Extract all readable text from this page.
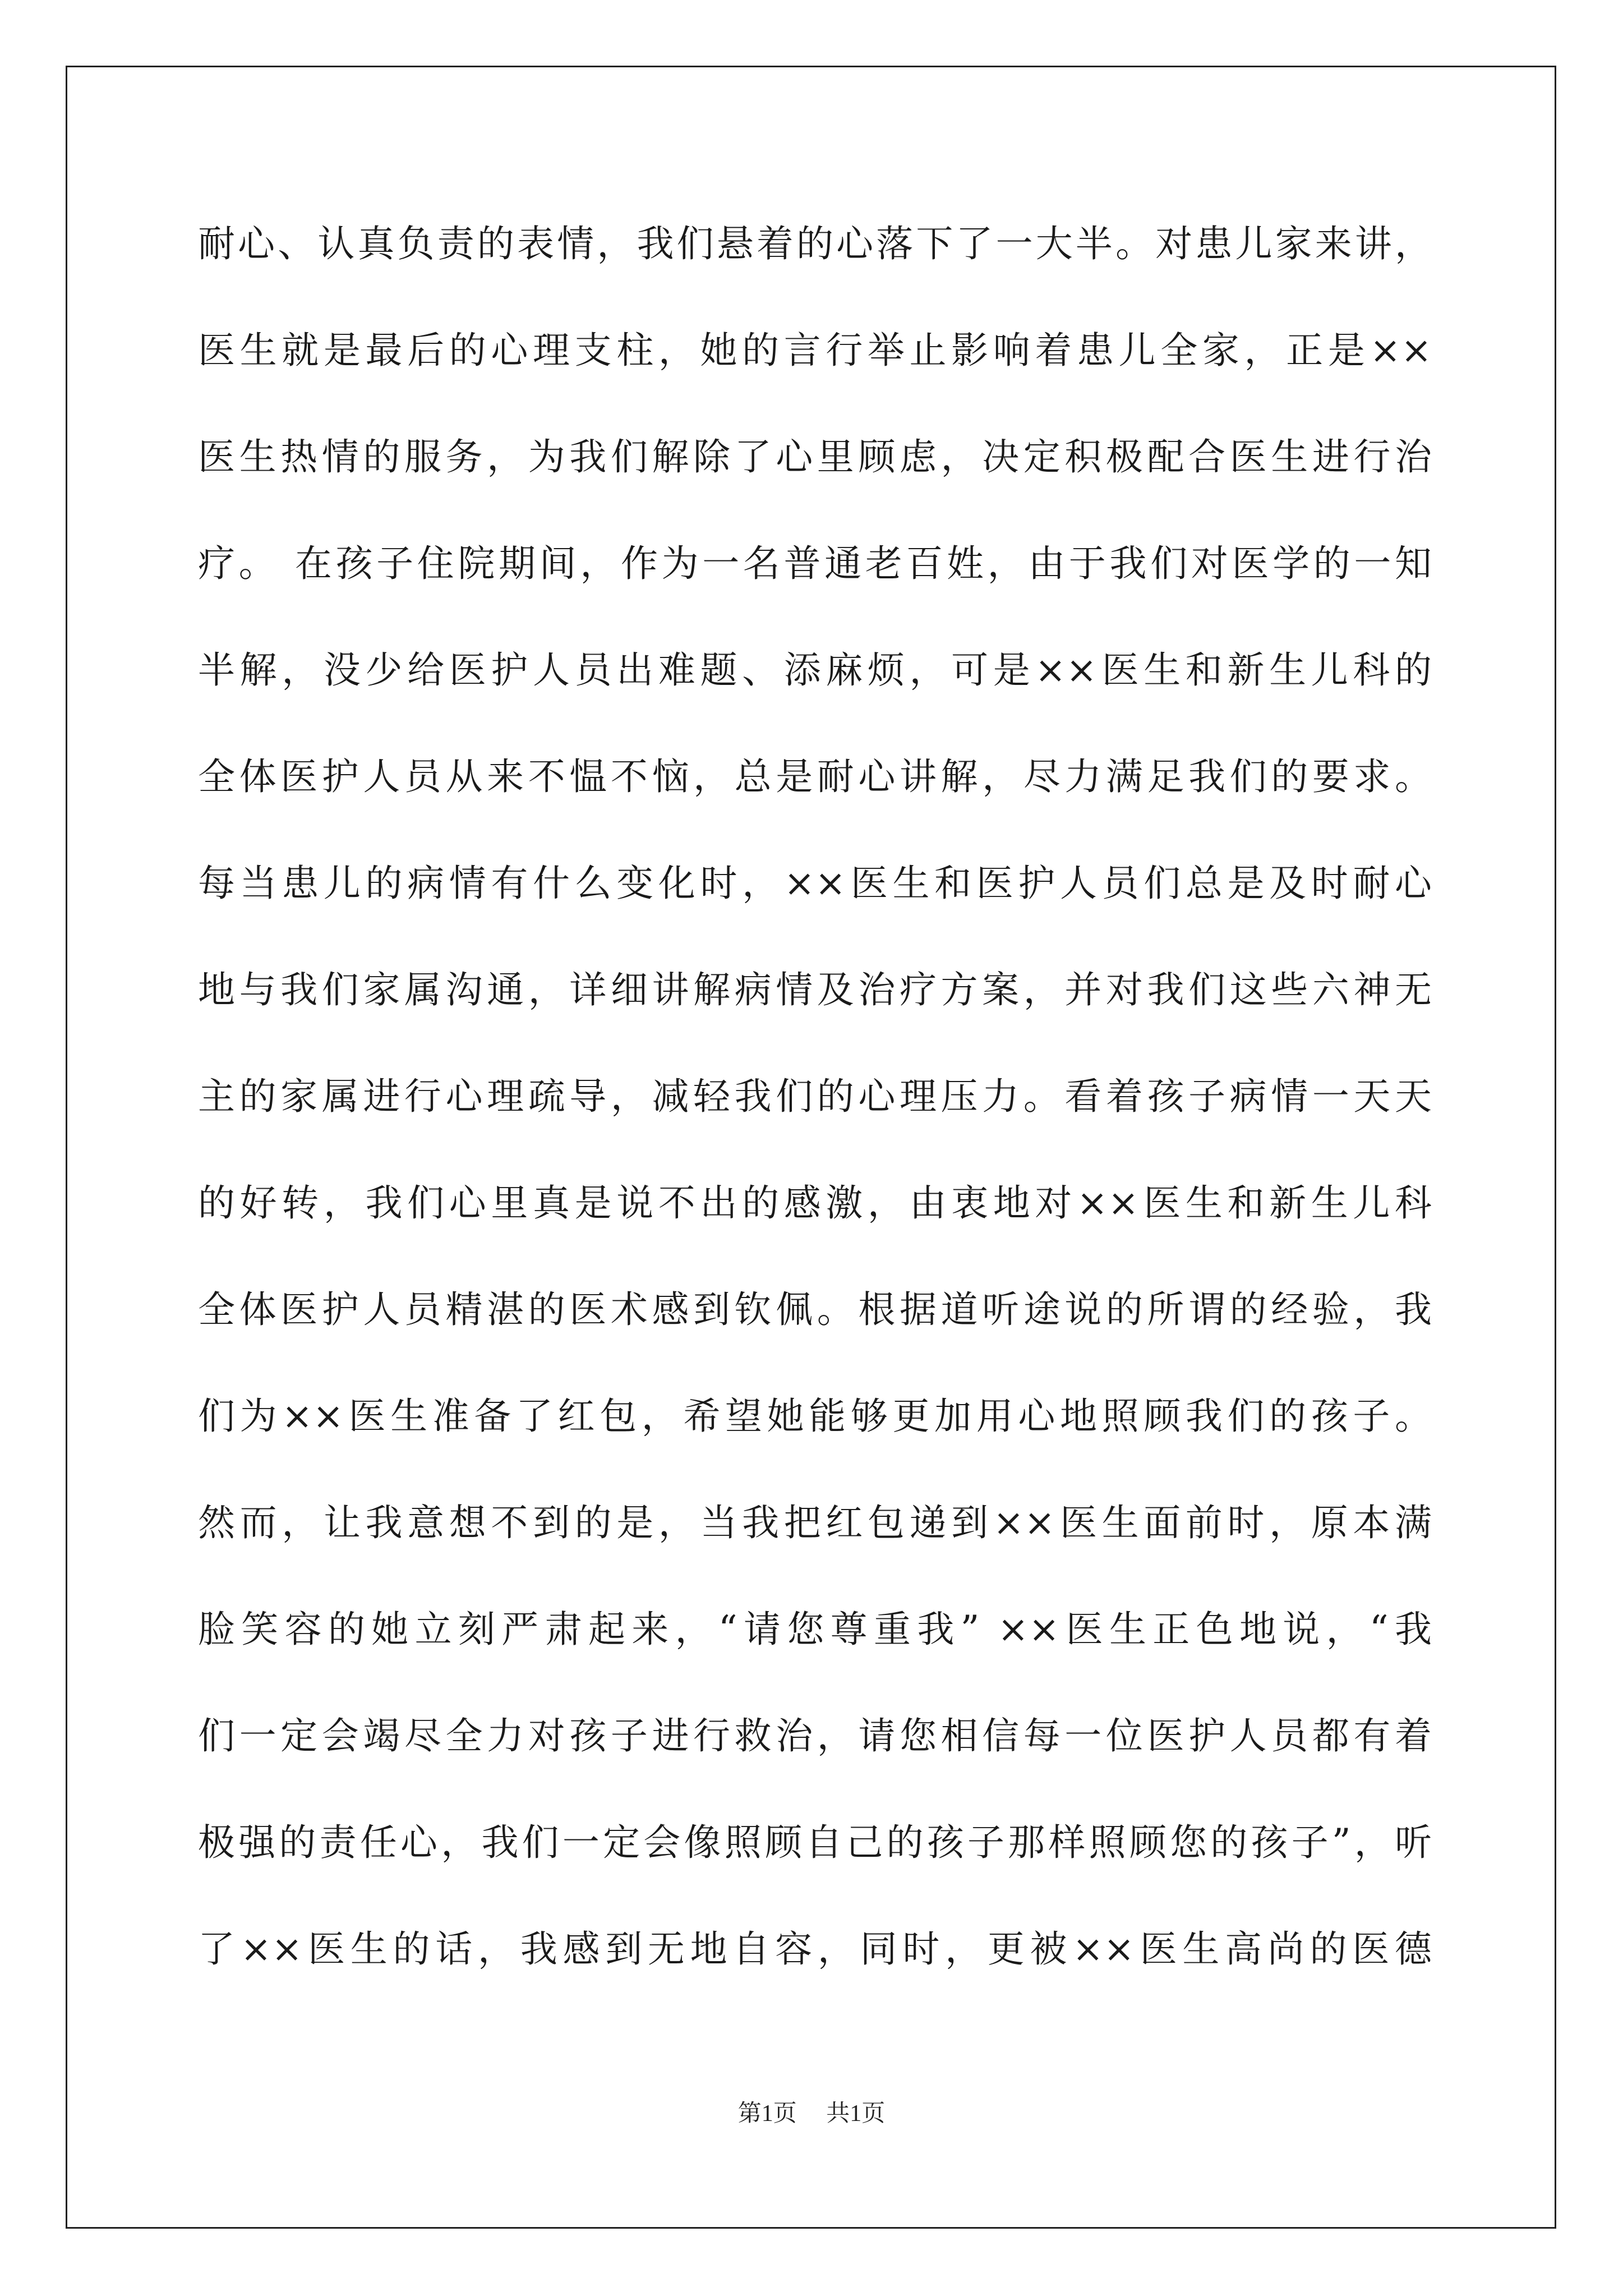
耐心、认真负责的表情，我们悬着的心落下了一大半。对患儿家来讲，
医生就是最后的心理支柱，她的言行举止影响着患儿全家，正是××
医生热情的服务，为我们解除了心里顾虑，决定积极配合医生进行治
疗。 在孩子住院期间，作为一名普通老百姓，由于我们对医学的一知
半解，没少给医护人员出难题、添麻烦，可是××医生和新生儿科的
全体医护人员从来不愠不恼，总是耐心讲解，尽力满足我们的要求。
每当患儿的病情有什么变化时，××医生和医护人员们总是及时耐心
地与我们家属沟通，详细讲解病情及治疗方案，并对我们这些六神无
主的家属进行心理疏导，减轻我们的心理压力。看着孩子病情一天天
的好转，我们心里真是说不出的感激，由衷地对××医生和新生儿科
全体医护人员精湛的医术感到钦佩。根据道听途说的所谓的经验，我
们为××医生准备了红包，希望她能够更加用心地照顾我们的孩子。
然而，让我意想不到的是，当我把红包递到××医生面前时，原本满
脸笑容的她立刻严肃起来，“请您尊重我” ××医生正色地说，“我
们一定会竭尽全力对孩子进行救治，请您相信每一位医护人员都有着
极强的责任心，我们一定会像照顾自己的孩子那样照顾您的孩子”，听
了××医生的话，我感到无地自容，同时，更被××医生高尚的医德
第1页 共1页
